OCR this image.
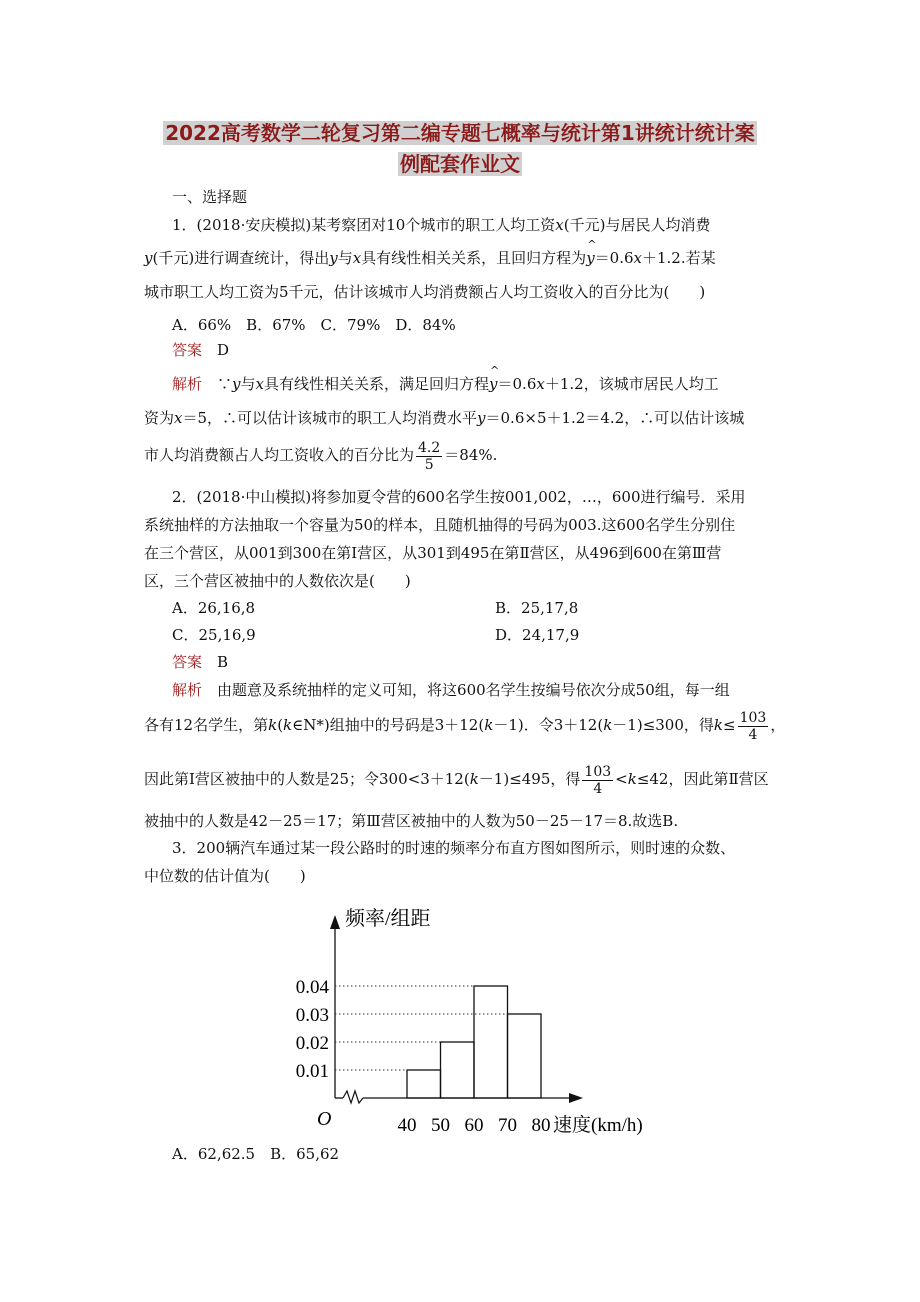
2022高考数学二轮复习第二编专题七概率与统计第1讲统计统计案
例配套作业文
一、选择题
1．(2018·安庆模拟)某考察团对10个城市的职工人均工资x(千元)与居民人均消费
y(千元)进行调查统计，得出y与x具有线性相关关系，且回归方程为^ y＝0.6x＋1.2.若某
城市职工人均工资为5千元，估计该城市人均消费额占人均工资收入的百分比为(　　)
A．66%　B．67%　C．79%　D．84%
答案　 D
解析　 ∵y与x具有线性相关关系，满足回归方程^ y＝0.6x＋1.2，该城市居民人均工
资为x＝5，∴可以估计该城市的职工人均消费水平y＝0.6×5＋1.2＝4.2，∴可以估计该城
市人均消费额占人均工资收入的百分比为 $\frac{4.2}{5} =84\%$.
2．(2018·中山模拟)将参加夏令营的600名学生按001,002，…，600进行编号．采用
系统抽样的方法抽取一个容量为50的样本，且随机抽得的号码为003.这600名学生分别住
在三个营区，从001到300在第Ⅰ营区，从301到495在第Ⅱ营区，从496到600在第Ⅲ营
区，三个营区被抽中的人数依次是(　　)
A．26,16,8	B．25,17,8
C．25,16,9	D．24,17,9
答案　 B
解析　 由题意及系统抽样的定义可知，将这600名学生按编号依次分成50组，每一组
各有12名学生，第k(k∈N*)组抽中的号码是3＋12(k－1)．令3＋12(k－1)≤300，得$k\le \frac{103}{4}$ ，
因此第Ⅰ营区被抽中的人数是25；令300<3＋12(k－1)≤495，得 $\frac{103}{4} <k\le 42$，因此第Ⅱ营区
被抽中的人数是42－25＝17；第Ⅲ营区被抽中的人数为50－25－17＝8.故选B.
3．200辆汽车通过某一段公路时的时速的频率分布直方图如图所示，则时速的众数、
中位数的估计值为(　　)
O
频率/组距
速度(km/h)
0.01
0.02
0.03
0.04
40 50 60 70 80
A．62,62.5　B．65,62
